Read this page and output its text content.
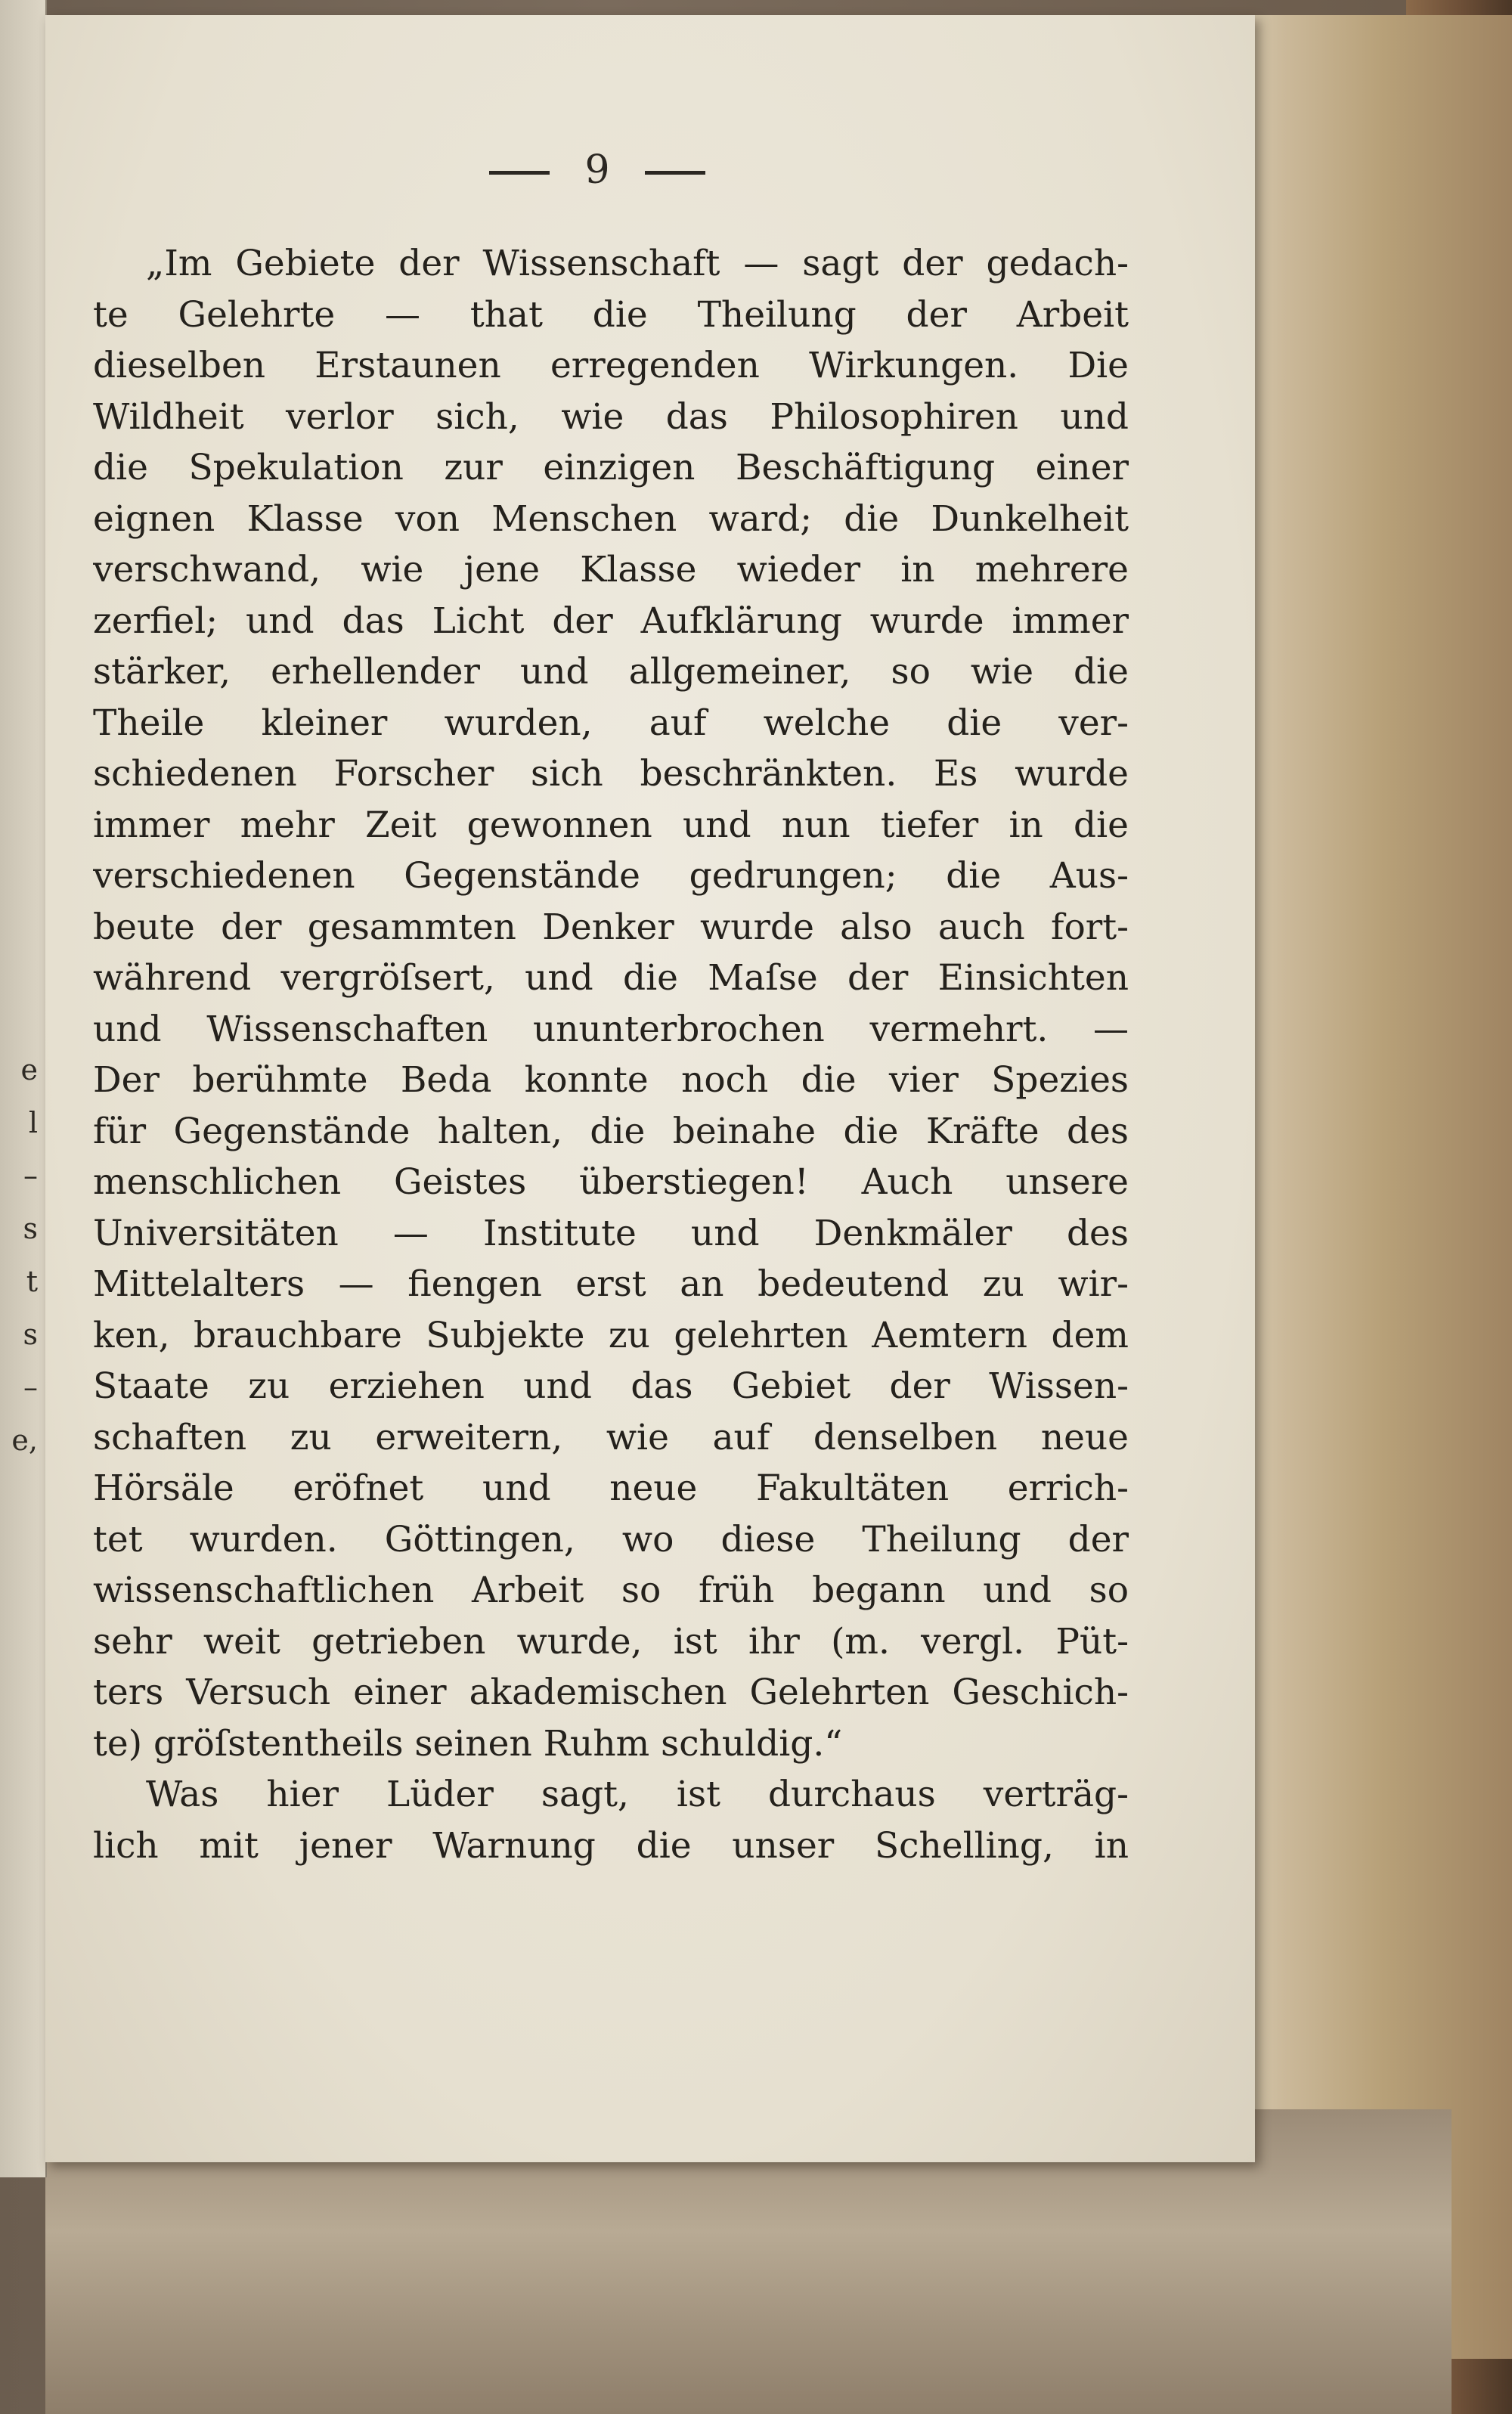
e
l
–
s
t
s
–
e,
9
„Im Gebiete der Wissenschaft — sagt der gedach-
te Gelehrte — that die Theilung der Arbeit
dieselben Erstaunen erregenden Wirkungen. Die
Wildheit verlor sich, wie das Philosophiren und
die Spekulation zur einzigen Beschäftigung einer
eignen Klasse von Menschen ward; die Dunkelheit
verschwand, wie jene Klasse wieder in mehrere
zerfiel; und das Licht der Aufklärung wurde immer
stärker, erhellender und allgemeiner, so wie die
Theile kleiner wurden, auf welche die ver-
schiedenen Forscher sich beschränkten. Es wurde
immer mehr Zeit gewonnen und nun tiefer in die
verschiedenen Gegenstände gedrungen; die Aus-
beute der gesammten Denker wurde also auch fort-
während vergröſsert, und die Maſse der Einsichten
und Wissenschaften ununterbrochen vermehrt. —
Der berühmte Beda konnte noch die vier Spezies
für Gegenstände halten, die beinahe die Kräfte des
menschlichen Geistes überstiegen! Auch unsere
Universitäten — Institute und Denkmäler des
Mittelalters — fiengen erst an bedeutend zu wir-
ken, brauchbare Subjekte zu gelehrten Aemtern dem
Staate zu erziehen und das Gebiet der Wissen-
schaften zu erweitern, wie auf denselben neue
Hörsäle eröfnet und neue Fakultäten errich-
tet wurden. Göttingen, wo diese Theilung der
wissenschaftlichen Arbeit so früh begann und so
sehr weit getrieben wurde, ist ihr (m. vergl. Püt-
ters Versuch einer akademischen Gelehrten Geschich-
te) gröſstentheils seinen Ruhm schuldig.“
Was hier Lüder sagt, ist durchaus verträg-
lich mit jener Warnung die unser Schelling, in
